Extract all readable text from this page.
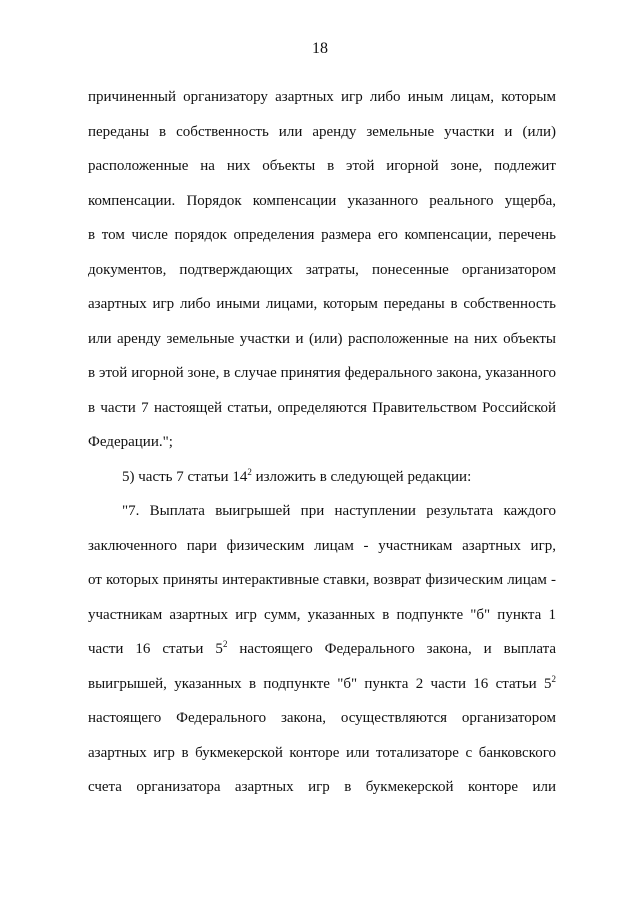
18
причиненный организатору азартных игр либо иным лицам, которым
переданы в собственность или аренду земельные участки и (или)
расположенные на них объекты в этой игорной зоне, подлежит
компенсации. Порядок компенсации указанного реального ущерба,
в том числе порядок определения размера его компенсации, перечень
документов, подтверждающих затраты, понесенные организатором
азартных игр либо иными лицами, которым переданы в собственность
или аренду земельные участки и (или) расположенные на них объекты
в этой игорной зоне, в случае принятия федерального закона, указанного
в части 7 настоящей статьи, определяются Правительством Российской
Федерации.";
5) часть 7 статьи $14^2$ изложить в следующей редакции:
"7. Выплата выигрышей при наступлении результата каждого
заключенного пари физическим лицам - участникам азартных игр,
от которых приняты интерактивные ставки, возврат физическим лицам -
участникам азартных игр сумм, указанных в подпункте "б" пункта 1
части 16 статьи $5^2$ настоящего Федерального закона, и выплата
выигрышей, указанных в подпункте "б" пункта 2 части 16 статьи $5^2$
настоящего Федерального закона, осуществляются организатором
азартных игр в букмекерской конторе или тотализаторе с банковского
счета организатора азартных игр в букмекерской конторе или
